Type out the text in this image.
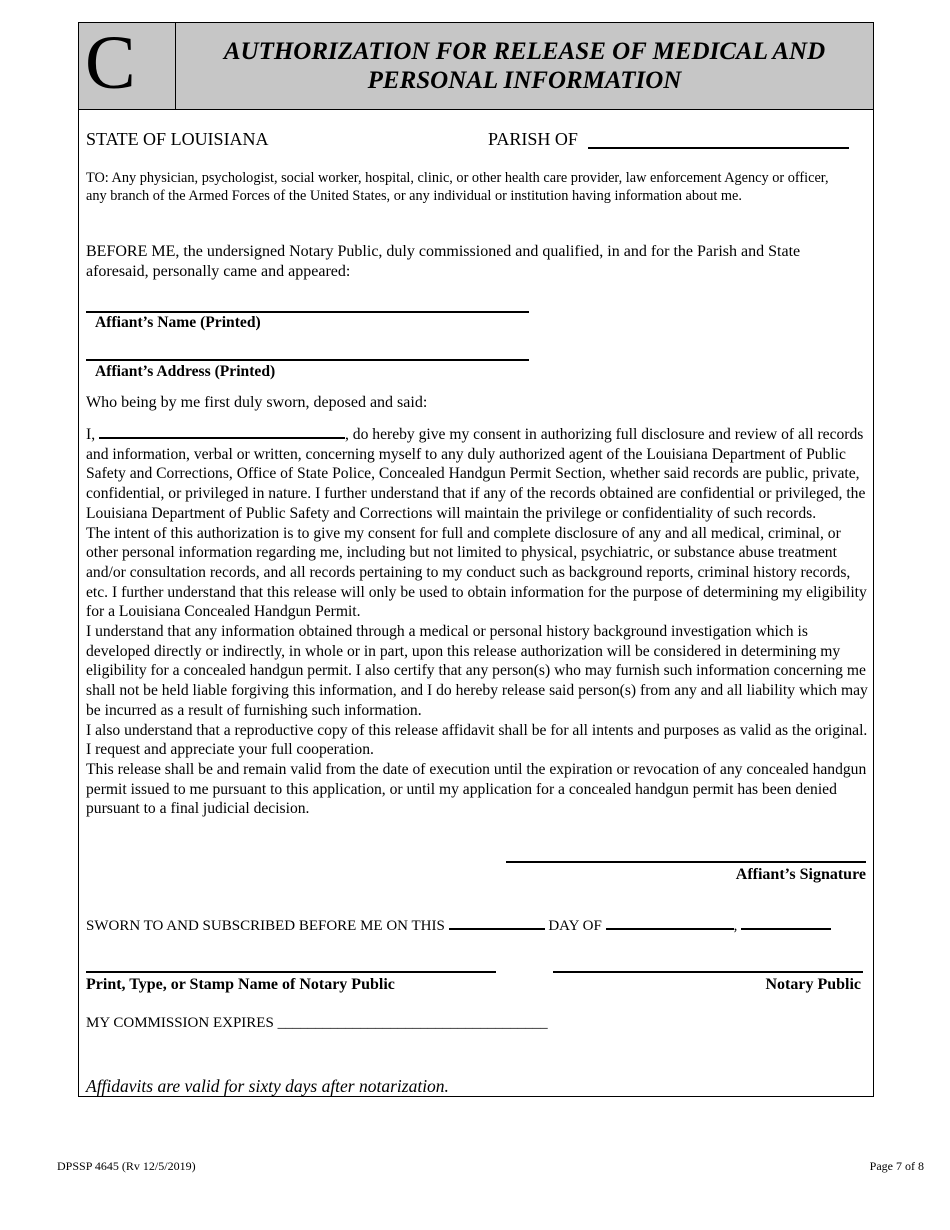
C	AUTHORIZATION FOR RELEASE OF MEDICAL AND
PERSONAL INFORMATION
STATE OF LOUISIANA	PARISH OF
TO: Any physician, psychologist, social worker, hospital, clinic, or other health care provider, law enforcement Agency or officer, any branch of the Armed Forces of the United States, or any individual or institution having information about me.
BEFORE ME, the undersigned Notary Public, duly commissioned and qualified, in and for the Parish and State aforesaid, personally came and appeared:
Affiant’s Name (Printed)
Affiant’s Address (Printed)
Who being by me first duly sworn, deposed and said:

I,	, do hereby give my consent in authorizing full disclosure and review of all records and information, verbal or written, concerning myself to any duly authorized agent of the Louisiana Department of Public Safety and Corrections, Office of State Police, Concealed Handgun Permit Section, whether said records are public, private, confidential, or privileged in nature. I further understand that if any of the records obtained are confidential or privileged, the Louisiana Department of Public Safety and Corrections will maintain the privilege or confidentiality of such records.

The intent of this authorization is to give my consent for full and complete disclosure of any and all medical, criminal, or other personal information regarding me, including but not limited to physical, psychiatric, or substance abuse treatment and/or consultation records, and all records pertaining to my conduct such as background reports, criminal history records, etc. I further understand that this release will only be used to obtain information for the purpose of determining my eligibility for a Louisiana Concealed Handgun Permit.

I understand that any information obtained through a medical or personal history background investigation which is developed directly or indirectly, in whole or in part, upon this release authorization will be considered in determining my eligibility for a concealed handgun permit. I also certify that any person(s) who may furnish such information concerning me shall not be held liable forgiving this information, and I do hereby release said person(s) from any and all liability which may be incurred as a result of furnishing such information.

I also understand that a reproductive copy of this release affidavit shall be for all intents and purposes as valid as the original. I request and appreciate your full cooperation.

This release shall be and remain valid from the date of execution until the expiration or revocation of any concealed handgun permit issued to me pursuant to this application, or until my application for a concealed handgun permit has been denied pursuant to a final judicial decision.

Affiant’s Signature
SWORN TO AND SUBSCRIBED BEFORE ME ON THIS	DAY OF	,
Print, Type, or Stamp Name of Notary Public	Notary Public
MY COMMISSION EXPIRES ____________________________________
Affidavits are valid for sixty days after notarization.
DPSSP 4645 (Rv 12/5/2019)	Page 7 of 8
